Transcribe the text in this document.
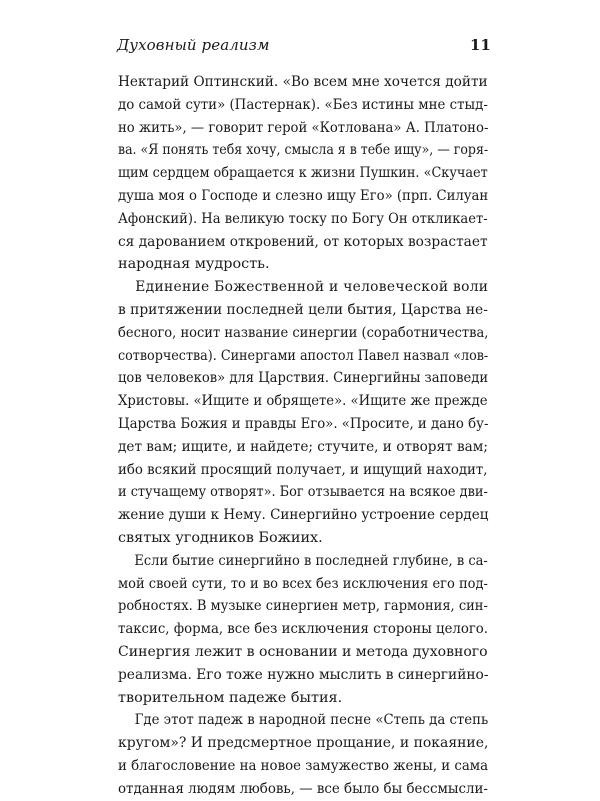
Духовный реализм	11
Нектарий Оптинский. «Во всем мне хочется дойти
до самой сути» (Пастернак). «Без истины мне стыд-
но жить», — говорит герой «Котлована» А. Платоно-
ва. «Я понять тебя хочу, смысла я в тебе ищу», — горя-
щим сердцем обращается к жизни Пушкин. «Скучает
душа моя о Господе и слезно ищу Его» (прп. Силуан
Афонский). На великую тоску по Богу Он откликает-
ся дарованием откровений, от которых возрастает
народная мудрость.
Единение Божественной и человеческой воли
в притяжении последней цели бытия, Царства не-
бесного, носит название синергии (соработничества,
сотворчества). Синергами апостол Павел назвал «лов-
цов человеков» для Царствия. Синергийны заповеди
Христовы. «Ищите и обрящете». «Ищите же прежде
Царства Божия и правды Его». «Просите, и дано бу-
дет вам; ищите, и найдете; стучите, и отворят вам;
ибо всякий просящий получает, и ищущий находит,
и стучащему отворят». Бог отзывается на всякое дви-
жение души к Нему. Синергийно устроение сердец
святых угодников Божиих.
Если бытие синергийно в последней глубине, в са-
мой своей сути, то и во всех без исключения его под-
робностях. В музыке синергиен метр, гармония, син-
таксис, форма, все без исключения стороны целого.
Синергия лежит в основании и метода духовного
реализма. Его тоже нужно мыслить в синергийно-
творительном падеже бытия.
Где этот падеж в народной песне «Степь да степь
кругом»? И предсмертное прощание, и покаяние,
и благословение на новое замужество жены, и сама
отданная людям любовь, — все было бы бессмысли-
